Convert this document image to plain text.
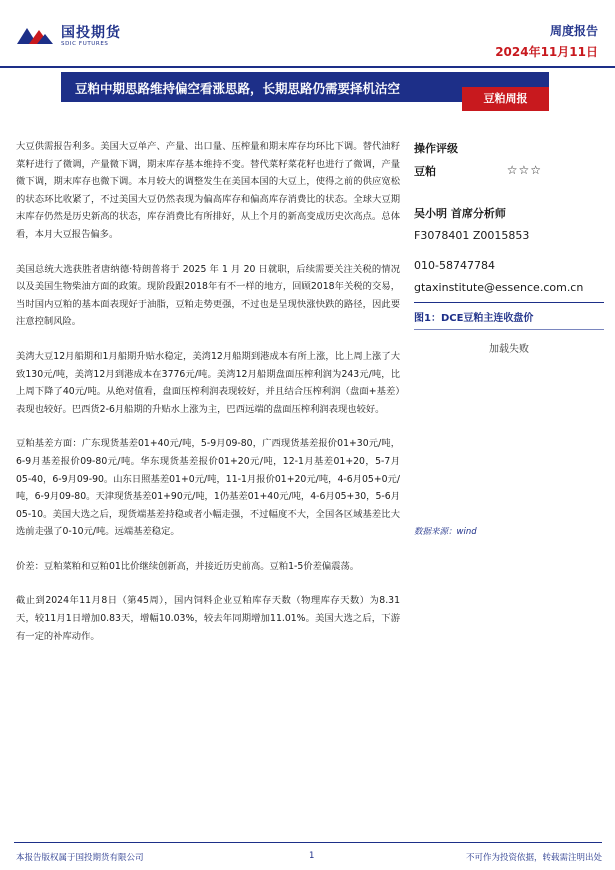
国投期货
SDIC FUTURES
周度报告
2024年11月11日
豆粕中期思路维持偏空看涨思路，长期思路仍需要择机沽空
豆粕周报

大豆供需报告利多。美国大豆单产、产量、出口量、压榨量和期末库存均环比下调。替代油籽菜籽进行了微调，产量微下调，期末库存基本维持不变。替代菜籽菜花籽也进行了微调，产量微下调，期末库存也微下调。本月较大的调整发生在美国本国的大豆上，使得之前的供应宽松的状态环比收紧了，不过美国大豆仍然表现为偏高库存和偏高库存消费比的状态。全球大豆期末库存仍然是历史新高的状态，库存消费比有所排好，从上个月的新高变成历史次高点。总体看，本月大豆报告偏多。

美国总统大选获胜者唐纳德·特朗普将于 2025 年 1 月 20 日就职，后续需要关注关税的情况以及美国生物柴油方面的政策。现阶段跟2018年有不一样的地方，回顾2018年关税的交易，当时国内豆粕的基本面表现好于油脂，豆粕走势更强，不过也是呈现快涨快跌的路径，因此要注意控制风险。

美湾大豆12月船期和1月船期升贴水稳定，美湾12月船期到港成本有所上涨，比上周上涨了大致130元/吨，美湾12月到港成本在3776元/吨。美湾12月船期盘面压榨利润为243元/吨，比上周下降了40元/吨。从绝对值看，盘面压榨利润表现较好，并且结合压榨利润（盘面+基差）表现也较好。巴西货2-6月船期的升贴水上涨为主，巴西远端的盘面压榨利润表现也较好。

豆粕基差方面：广东现货基差01+40元/吨，5-9月09-80，广西现货基差报价01+30元/吨，6-9月基差报价09-80元/吨。华东现货基差报价01+20元/吨，12-1月基差01+20，5-7月05-40，6-9月09-90。山东日照基差01+0元/吨，11-1月报价01+20元/吨，4-6月05+0元/吨，6-9月09-80。天津现货基差01+90元/吨，1仍基差01+40元/吨，4-6月05+30，5-6月05-10。美国大选之后，现货端基差持稳或者小幅走强，不过幅度不大，全国各区域基差比大选前走强了0-10元/吨。远端基差稳定。

价差：豆粕菜粕和豆粕01比价继续创新高，并接近历史前高。豆粕1-5价差偏震荡。

截止到2024年11月8日（第45周），国内饲料企业豆粕库存天数（物理库存天数）为8.31天，较11月1日增加0.83天，增幅10.03%，较去年同期增加11.01%。美国大选之后，下游有一定的补库动作。

操作评级
豆粕	☆☆☆
吴小明 首席分析师
F3078401 Z0015853
010-58747784
gtaxinstitute@essence.com.cn
图1：DCE豆粕主连收盘价
加载失败
数据来源：wind
本报告版权属于国投期货有限公司	1	不可作为投资依据，转载需注明出处
